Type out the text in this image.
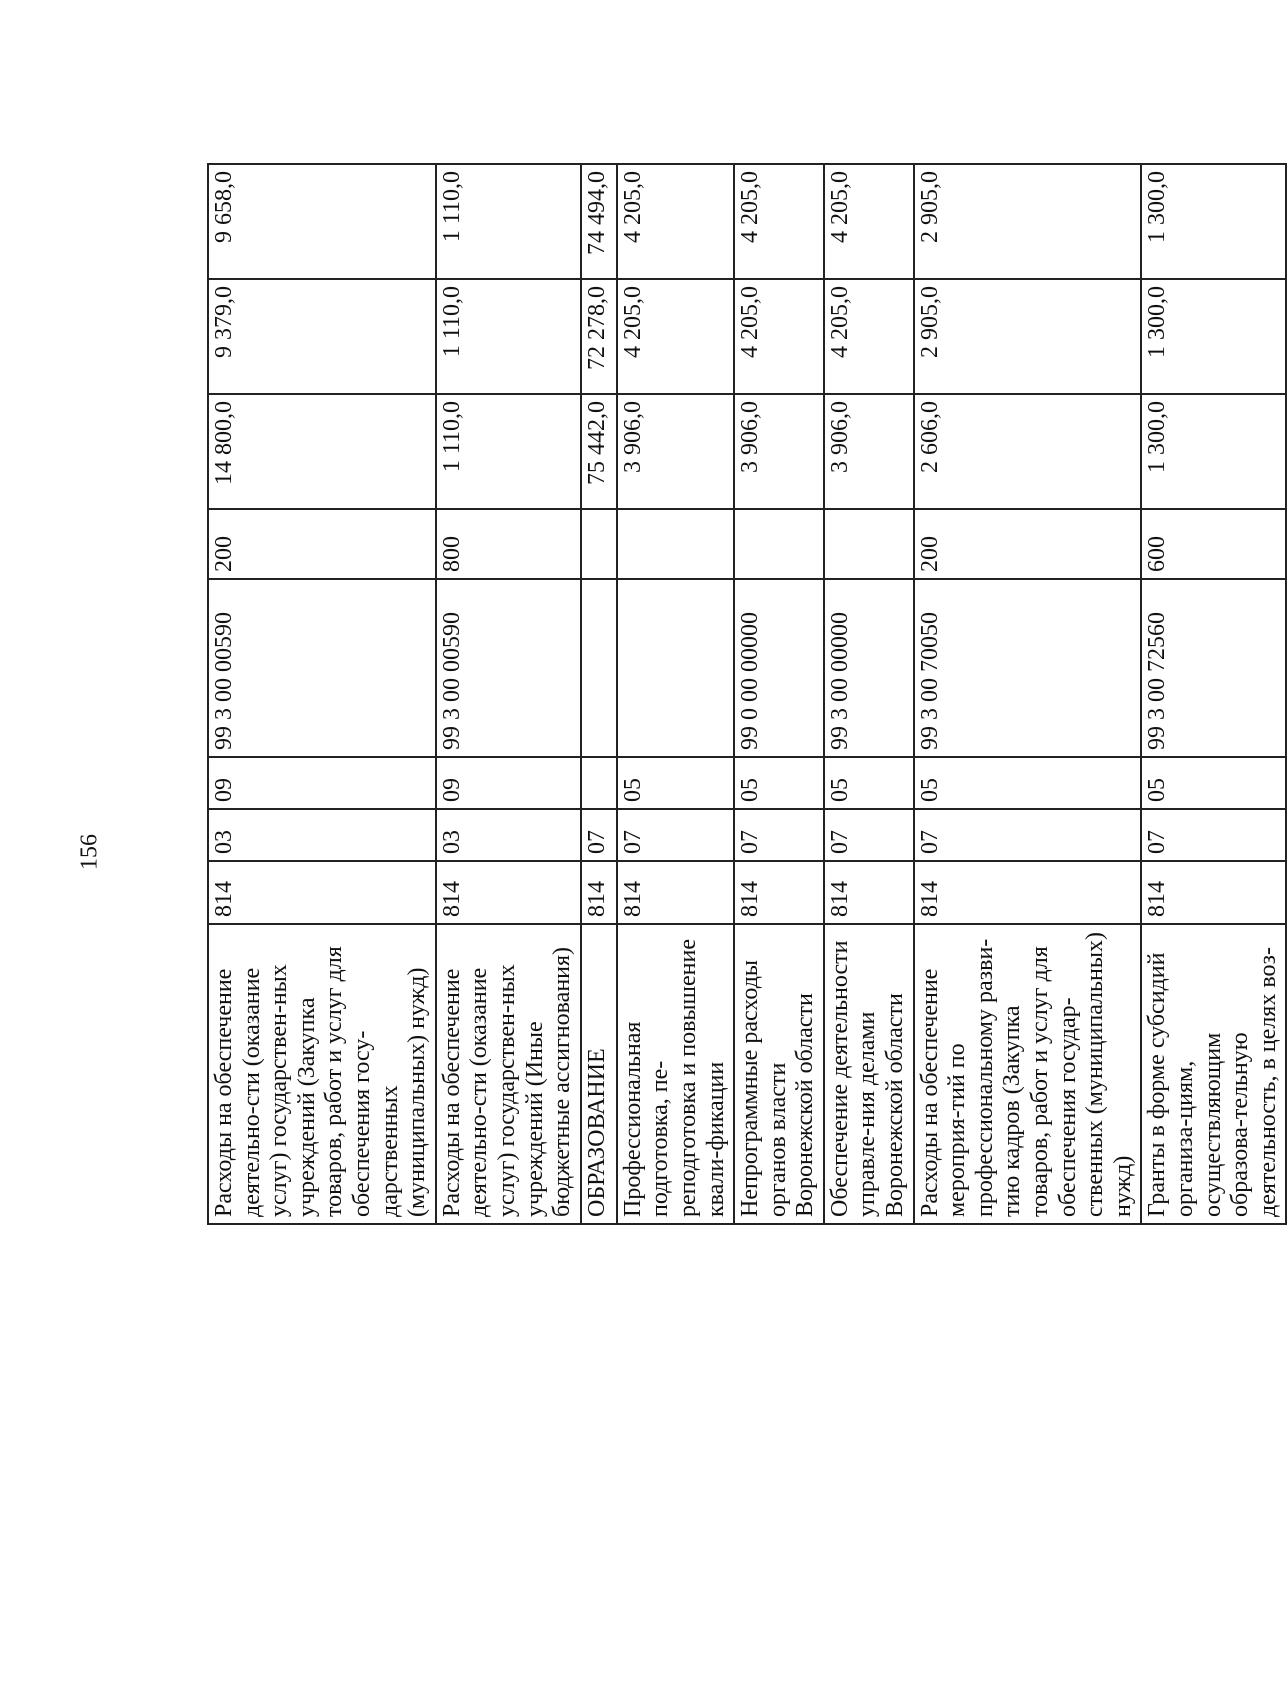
156
Расходы на обеспечение деятельно-сти (оказание услуг) государствен-ных учреждений (Закупка товаров, работ и услуг для обеспечения госу-дарственных (муниципальных) нужд)	814	03	09	99 3 00 00590	200	14 800,0	9 379,0	9 658,0
Расходы на обеспечение деятельно-сти (оказание услуг) государствен-ных учреждений (Иные бюджетные ассигнования)	814	03	09	99 3 00 00590	800	1 110,0	1 110,0	1 110,0
ОБРАЗОВАНИЕ	814	07				75 442,0	72 278,0	74 494,0
Профессиональная подготовка, пе-реподготовка и повышение квали-фикации	814	07	05			3 906,0	4 205,0	4 205,0
Непрограммные расходы органов власти Воронежской области	814	07	05	99 0 00 00000		3 906,0	4 205,0	4 205,0
Обеспечение деятельности управле-ния делами Воронежской области	814	07	05	99 3 00 00000		3 906,0	4 205,0	4 205,0
Расходы на обеспечение мероприя-тий по профессиональному разви-тию кадров (Закупка товаров, работ и услуг для обеспечения государ-ственных (муниципальных) нужд)	814	07	05	99 3 00 70050	200	2 606,0	2 905,0	2 905,0
Гранты в форме субсидий организа-циям, осуществляющим образова-тельную деятельность, в целях воз-	814	07	05	99 3 00 72560	600	1 300,0	1 300,0	1 300,0
